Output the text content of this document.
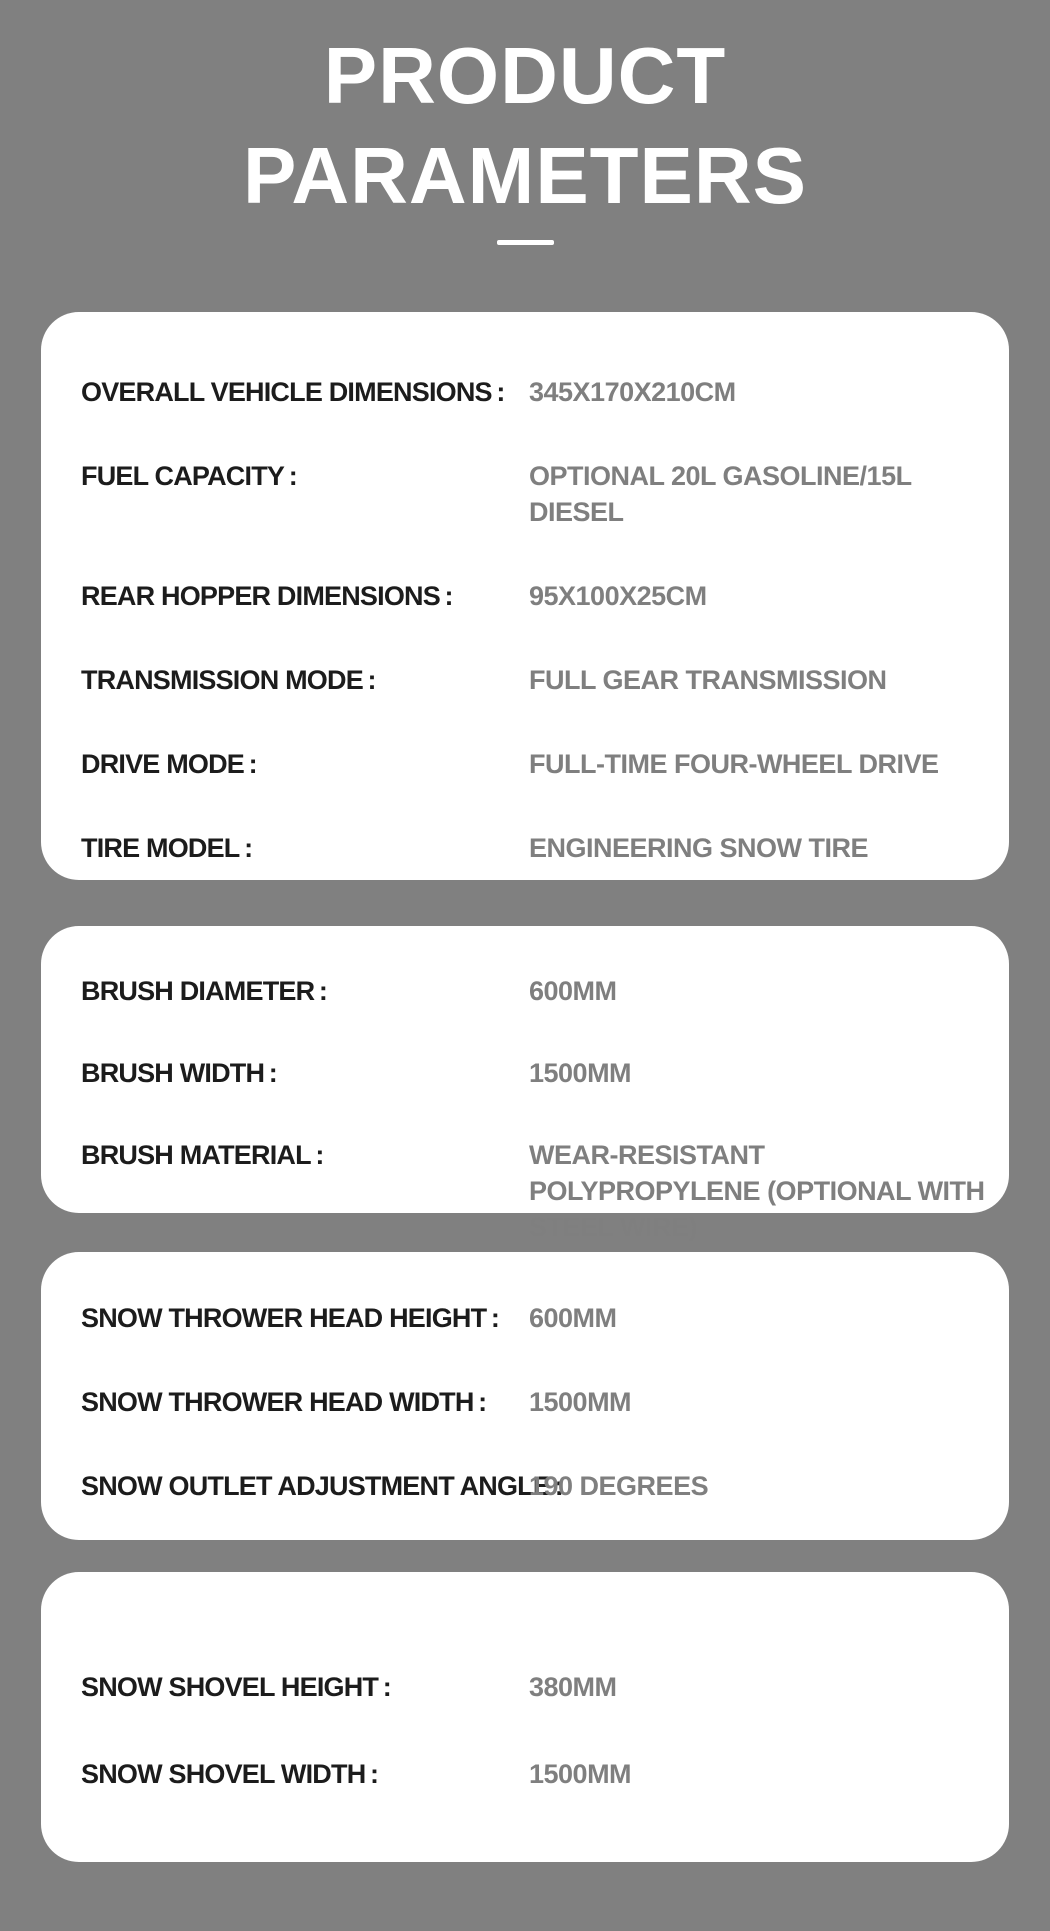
PRODUCT
PARAMETERS
OVERALL VEHICLE DIMENSIONS : 345X170X210CM
FUEL CAPACITY :	OPTIONAL 20L GASOLINE/15L DIESEL
REAR HOPPER DIMENSIONS :	95X100X25CM
TRANSMISSION MODE :	FULL GEAR TRANSMISSION
DRIVE MODE :	FULL-TIME FOUR-WHEEL DRIVE
TIRE MODEL :	ENGINEERING SNOW TIRE
BRUSH DIAMETER :	600MM
BRUSH WIDTH :	1500MM
BRUSH MATERIAL :	WEAR-RESISTANT POLYPROPYLENE (OPTIONAL WITH STEEL WIRE)
SNOW THROWER HEAD HEIGHT :	600MM
SNOW THROWER HEAD WIDTH :	1500MM
SNOW OUTLET ADJUSTMENT ANGLE :
190 DEGREES
SNOW SHOVEL HEIGHT :	380MM
SNOW SHOVEL WIDTH :	1500MM
